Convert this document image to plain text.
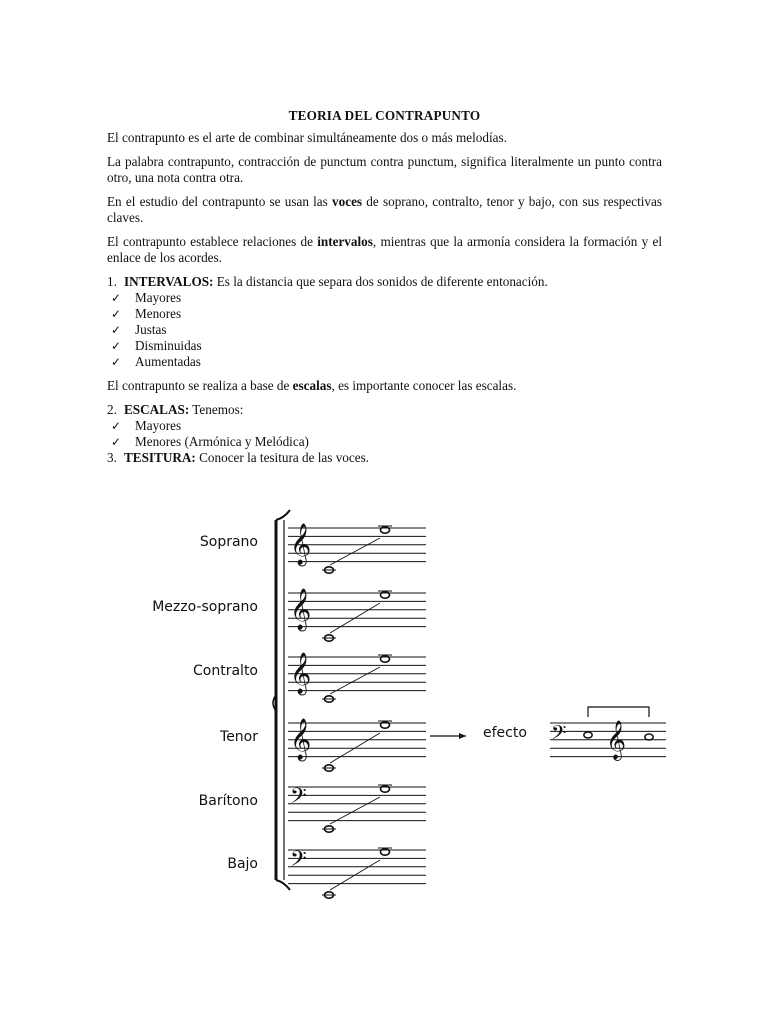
TEORIA DEL CONTRAPUNTO

El contrapunto es el arte de combinar simultáneamente dos o más melodías.

La palabra contrapunto, contracción de punctum contra punctum, significa literalmente un punto contra otro, una nota contra otra.

En el estudio del contrapunto se usan las voces de soprano, contralto, tenor y bajo, con sus respectivas claves.

El contrapunto establece relaciones de intervalos, mientras que la armonía considera la formación y el enlace de los acordes.

1. INTERVALOS: Es la distancia que separa dos sonidos de diferente entonación.
✓ Mayores
✓ Menores
✓ Justas
✓ Disminuidas
✓ Aumentadas

El contrapunto se realiza a base de escalas, es importante conocer las escalas.

2. ESCALAS: Tenemos:
✓ Mayores
✓ Menores (Armónica y Melódica)
3. TESITURA: Conocer la tesitura de las voces.
𝄞
𝄞
𝄞
𝄞
𝄢
𝄢
𝄢 𝄞
Soprano
Mezzo-soprano
Contralto
Tenor
Barítono
Bajo
efecto
